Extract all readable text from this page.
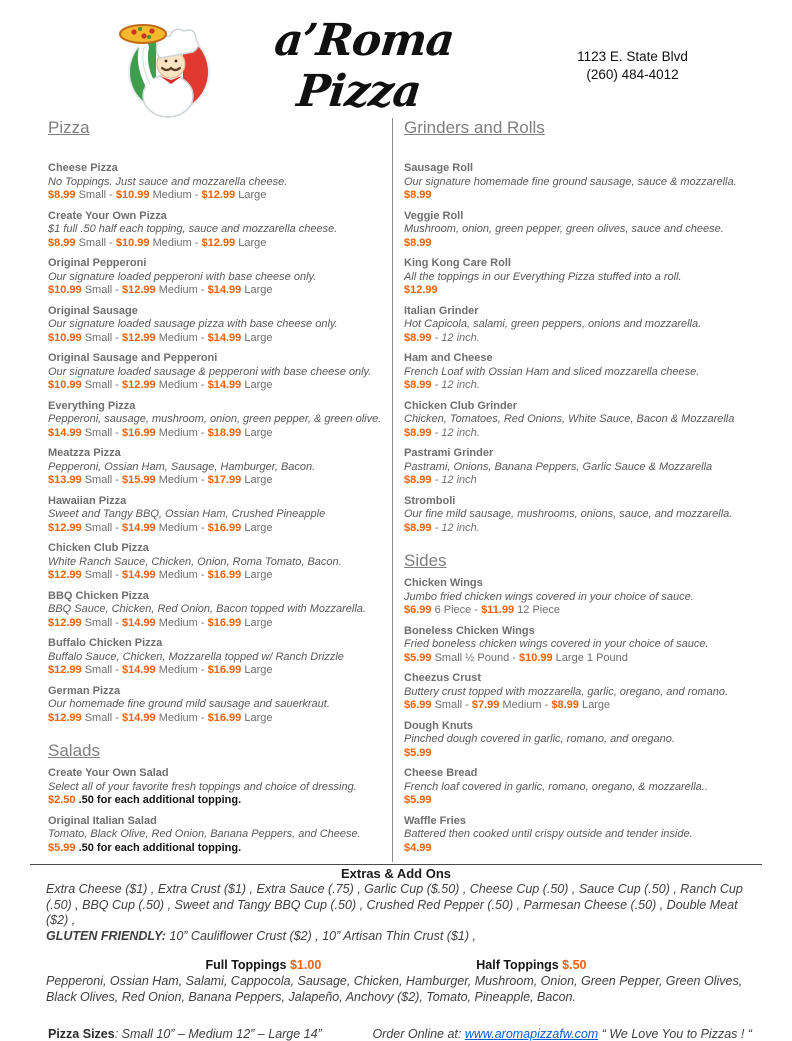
a’Roma Pizza
1123 E. State Blvd
(260) 484-4012
Pizza
Cheese Pizza
No Toppings. Just sauce and mozzarella cheese.
$8.99 Small - $10.99 Medium - $12.99 Large
Create Your Own Pizza
$1 full .50 half each topping, sauce and mozzarella cheese.
$8.99 Small - $10.99 Medium - $12.99 Large
Original Pepperoni
Our signature loaded pepperoni with base cheese only.
$10.99 Small - $12.99 Medium - $14.99 Large
Original Sausage
Our signature loaded sausage pizza with base cheese only.
$10.99 Small - $12.99 Medium - $14.99 Large
Original Sausage and Pepperoni
Our signature loaded sausage & pepperoni with base cheese only.
$10.99 Small - $12.99 Medium - $14.99 Large
Everything Pizza
Pepperoni, sausage, mushroom, onion, green pepper, & green olive.
$14.99 Small - $16.99 Medium - $18.99 Large
Meatzza Pizza
Pepperoni, Ossian Ham, Sausage, Hamburger, Bacon.
$13.99 Small - $15.99 Medium - $17.99 Large
Hawaiian Pizza
Sweet and Tangy BBQ, Ossian Ham, Crushed Pineapple
$12.99 Small - $14.99 Medium - $16.99 Large
Chicken Club Pizza
White Ranch Sauce, Chicken, Onion, Roma Tomato, Bacon.
$12.99 Small - $14.99 Medium - $16.99 Large
BBQ Chicken Pizza
BBQ Sauce, Chicken, Red Onion, Bacon topped with Mozzarella.
$12.99 Small - $14.99 Medium - $16.99 Large
Buffalo Chicken Pizza
Buffalo Sauce, Chicken, Mozzarella topped w/ Ranch Drizzle
$12.99 Small - $14.99 Medium - $16.99 Large
German Pizza
Our homemade fine ground mild sausage and sauerkraut.
$12.99 Small - $14.99 Medium - $16.99 Large
Salads
Create Your Own Salad
Select all of your favorite fresh toppings and choice of dressing.
$2.50 .50 for each additional topping.
Original Italian Salad
Tomato, Black Olive, Red Onion, Banana Peppers, and Cheese.
$5.99 .50 for each additional topping.
Grinders and Rolls
Sausage Roll
Our signature homemade fine ground sausage, sauce & mozzarella.
$8.99
Veggie Roll
Mushroom, onion, green pepper, green olives, sauce and cheese.
$8.99
King Kong Care Roll
All the toppings in our Everything Pizza stuffed into a roll.
$12.99
Italian Grinder
Hot Capicola, salami, green peppers, onions and mozzarella.
$8.99 - 12 inch.
Ham and Cheese
French Loaf with Ossian Ham and sliced mozzarella cheese.
$8.99 - 12 inch.
Chicken Club Grinder
Chicken, Tomatoes, Red Onions, White Sauce, Bacon & Mozzarella
$8.99 - 12 inch.
Pastrami Grinder
Pastrami, Onions, Banana Peppers, Garlic Sauce & Mozzarella
$8.99 - 12 inch
Stromboli
Our fine mild sausage, mushrooms, onions, sauce, and mozzarella.
$8.99 - 12 inch.
Sides
Chicken Wings
Jumbo fried chicken wings covered in your choice of sauce.
$6.99 6 Piece - $11.99 12 Piece
Boneless Chicken Wings
Fried boneless chicken wings covered in your choice of sauce.
$5.99 Small ½ Pound - $10.99 Large 1 Pound
Cheezus Crust
Buttery crust topped with mozzarella, garlic, oregano, and romano.
$6.99 Small - $7.99 Medium - $8.99 Large
Dough Knuts
Pinched dough covered in garlic, romano, and oregano.
$5.99
Cheese Bread
French loaf covered in garlic, romano, oregano, & mozzarella..
$5.99
Waffle Fries
Battered then cooked until crispy outside and tender inside.
$4.99
Extras & Add Ons

Extra Cheese ($1) , Extra Crust ($1) , Extra Sauce (.75) , Garlic Cup ($.50) , Cheese Cup (.50) , Sauce Cup (.50) , Ranch Cup (.50) , BBQ Cup (.50) , Sweet and Tangy BBQ Cup (.50) , Crushed Red Pepper (.50) , Parmesan Cheese (.50) , Double Meat ($2) ,
GLUTEN FRIENDLY: 10” Cauliflower Crust ($2) , 10” Artisan Thin Crust ($1) ,

Full Toppings $1.00	Half Toppings $.50

Pepperoni, Ossian Ham, Salami, Cappocola, Sausage, Chicken, Hamburger, Mushroom, Onion, Green Pepper, Green Olives, Black Olives, Red Onion, Banana Peppers, Jalapeño, Anchovy ($2), Tomato, Pineapple, Bacon.

Pizza Sizes: Small 10” – Medium 12” – Large 14”	Order Online at: www.aromapizzafw.com “ We Love You to Pizzas ! “
